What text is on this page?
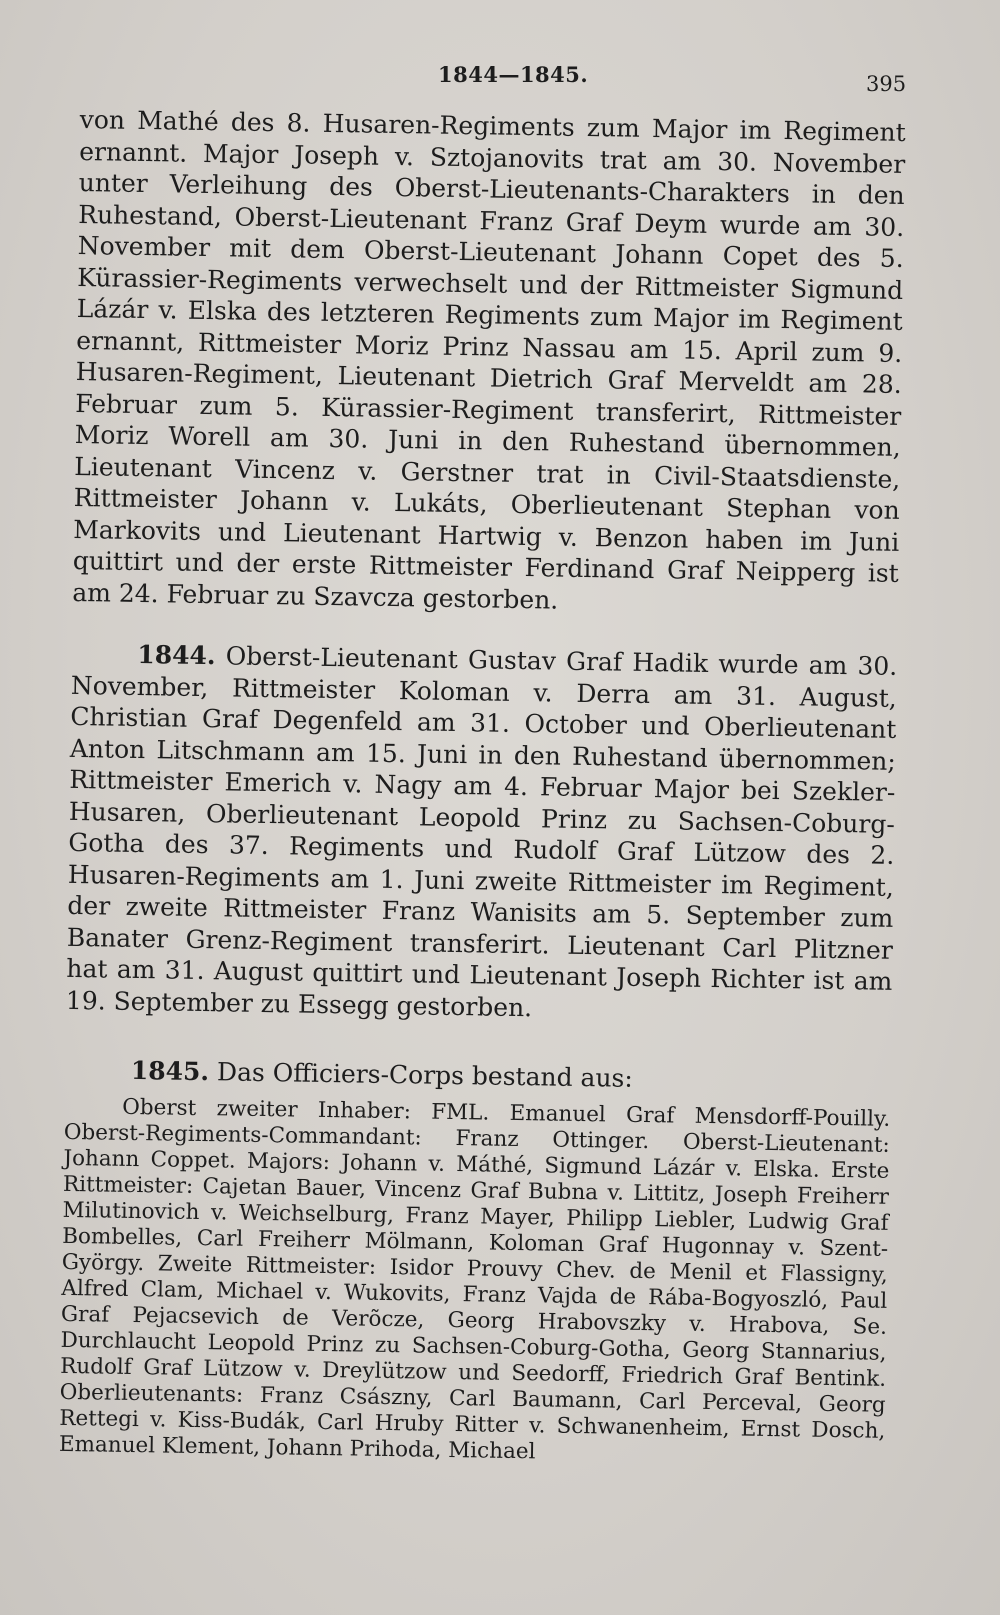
1844—1845.	395

von Mathé des 8. Husaren-Regiments zum Major im Regiment ernannt. Major Joseph v. Sztojanovits trat am 30. November unter Verleihung des Oberst-Lieutenants-Charakters in den Ruhestand, Oberst-Lieutenant Franz Graf Deym wurde am 30. November mit dem Oberst-Lieutenant Johann Copet des 5. Kürassier-Regiments verwechselt und der Rittmeister Sigmund Lázár v. Elska des letzteren Regiments zum Major im Regiment ernannt, Rittmeister Moriz Prinz Nassau am 15. April zum 9. Husaren-Regiment, Lieutenant Dietrich Graf Merveldt am 28. Februar zum 5. Kürassier-Regiment transferirt, Rittmeister Moriz Worell am 30. Juni in den Ruhestand übernommen, Lieutenant Vincenz v. Gerstner trat in Civil-Staatsdienste, Rittmeister Johann v. Lukáts, Oberlieutenant Stephan von Markovits und Lieutenant Hartwig v. Benzon haben im Juni quittirt und der erste Rittmeister Ferdinand Graf Neipperg ist am 24. Februar zu Szavcza gestorben.

1844. Oberst-Lieutenant Gustav Graf Hadik wurde am 30. November, Rittmeister Koloman v. Derra am 31. August, Christian Graf Degenfeld am 31. October und Oberlieutenant Anton Litschmann am 15. Juni in den Ruhestand übernommen; Rittmeister Emerich v. Nagy am 4. Februar Major bei Szekler-Husaren, Oberlieutenant Leopold Prinz zu Sachsen-Coburg-Gotha des 37. Regiments und Rudolf Graf Lützow des 2. Husaren-Regiments am 1. Juni zweite Rittmeister im Regiment, der zweite Rittmeister Franz Wanisits am 5. September zum Banater Grenz-Regiment transferirt. Lieutenant Carl Plitzner hat am 31. August quittirt und Lieutenant Joseph Richter ist am 19. September zu Essegg gestorben.

1845. Das Officiers-Corps bestand aus:

Oberst zweiter Inhaber: FML. Emanuel Graf Mensdorff-Pouilly. Oberst-Regiments-Commandant: Franz Ottinger. Oberst-Lieutenant: Johann Coppet. Majors: Johann v. Máthé, Sigmund Lázár v. Elska. Erste Rittmeister: Cajetan Bauer, Vincenz Graf Bubna v. Littitz, Joseph Freiherr Milutinovich v. Weichselburg, Franz Mayer, Philipp Liebler, Ludwig Graf Bombelles, Carl Freiherr Mölmann, Koloman Graf Hugonnay v. Szent-György. Zweite Rittmeister: Isidor Prouvy Chev. de Menil et Flassigny, Alfred Clam, Michael v. Wukovits, Franz Vajda de Rába-Bogyoszló, Paul Graf Pejacsevich de Verõcze, Georg Hrabovszky v. Hrabova, Se. Durchlaucht Leopold Prinz zu Sachsen-Coburg-Gotha, Georg Stannarius, Rudolf Graf Lützow v. Dreylützow und Seedorff, Friedrich Graf Bentink. Oberlieutenants: Franz Császny, Carl Baumann, Carl Perceval, Georg Rettegi v. Kiss-Budák, Carl Hruby Ritter v. Schwanenheim, Ernst Dosch, Emanuel Klement, Johann Prihoda, Michael
